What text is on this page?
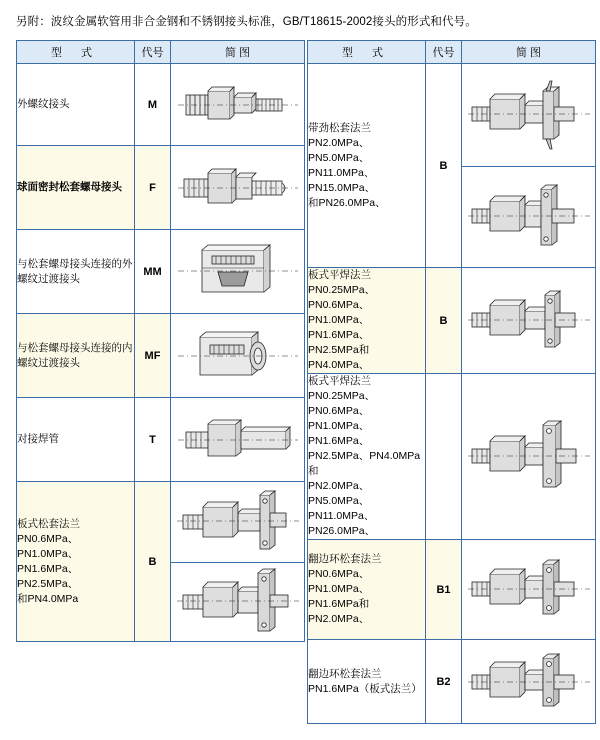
另附：波纹金属软管用非合金钢和不锈钢接头标准，GB/T18615-2002接头的形式和代号。
型 式	代号	简 图
外螺纹接头	M	

球面密封松套螺母接头	F	

与松套螺母接头连接的外螺纹过渡接头	MM	

与松套螺母接头连接的内螺纹过渡接头	MF	

对接焊管	T	

板式松套法兰
PN0.6MPa、PN1.0MPa、
PN1.6MPa、PN2.5MPa、
和PN4.0MPa	B	
型 式	代号	简 图

带劲松套法兰
PN2.0MPa、PN5.0MPa、
PN11.0MPa、PN15.0MPa、
和PN26.0MPa、	B	

板式平焊法兰
PN0.25MPa、PN0.6MPa、
PN1.0MPa、PN1.6MPa、
PN2.5MPa和PN4.0MPa、	B	

板式平焊法兰
PN0.25MPa、PN0.6MPa、
PN1.0MPa、PN1.6MPa、
PN2.5MPa、PN4.0MPa 和
PN2.0MPa、PN5.0MPa、
PN11.0MPa、PN26.0MPa、

翻边环松套法兰
PN0.6MPa、PN1.0MPa、
PN1.6MPa和PN2.0MPa、	B1	

翻边环松套法兰
PN1.6MPa（板式法兰）	B2	
